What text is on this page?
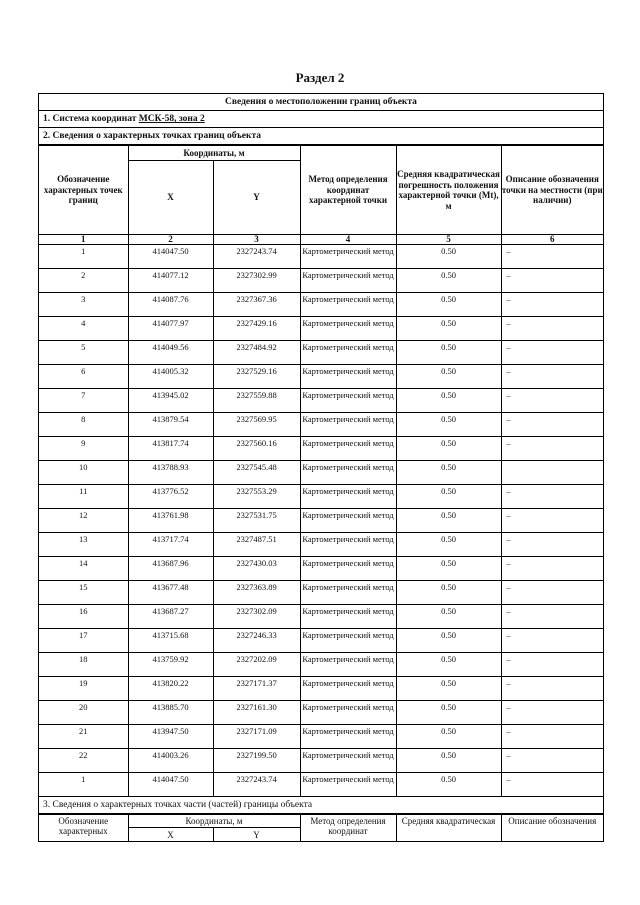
Раздел 2
Сведения о местоположении границ объекта
1. Система координат МСК-58, зона 2
2. Сведения о характерных точках границ объекта
Обозначение характерных точек границ	Координаты, м		Метод определения координат характерной точки	Средняя квадратическая погрешность положения характерной точки (Mt), м	Описание обозначения точки на местности (при наличии)
	X	Y			
1	2	3	4	5	6
1	414047.50	2327243.74	Картометрический метод	0.50	–
2	414077.12	2327302.99	Картометрический метод	0.50	–
3	414087.76	2327367.36	Картометрический метод	0.50	–
4	414077.97	2327429.16	Картометрический метод	0.50	–
5	414049.56	2327484.92	Картометрический метод	0.50	–
6	414005.32	2327529.16	Картометрический метод	0.50	–
7	413945.02	2327559.88	Картометрический метод	0.50	–
8	413879.54	2327569.95	Картометрический метод	0.50	–
9	413817.74	2327560.16	Картометрический метод	0.50	–
10	413788.93	2327545.48	Картометрический метод	0.50	
11	413776.52	2327553.29	Картометрический метод	0.50	–
12	413761.98	2327531.75	Картометрический метод	0.50	–
13	413717.74	2327487.51	Картометрический метод	0.50	–
14	413687.96	2327430.03	Картометрический метод	0.50	–
15	413677.48	2327363.89	Картометрический метод	0.50	–
16	413687.27	2327302.09	Картометрический метод	0.50	–
17	413715.68	2327246.33	Картометрический метод	0.50	–
18	413759.92	2327202.09	Картометрический метод	0.50	–
19	413820.22	2327171.37	Картометрический метод	0.50	–
20	413885.70	2327161.30	Картометрический метод	0.50	–
21	413947.50	2327171.09	Картометрический метод	0.50	–
22	414003.26	2327199.50	Картометрический метод	0.50	–
1	414047.50	2327243.74	Картометрический метод	0.50	–
3. Сведения о характерных точках части (частей) границы объекта
Обозначение характерных	Координаты, м		Метод определения координат	Средняя квадратическая	Описание обозначения
	X	Y			
